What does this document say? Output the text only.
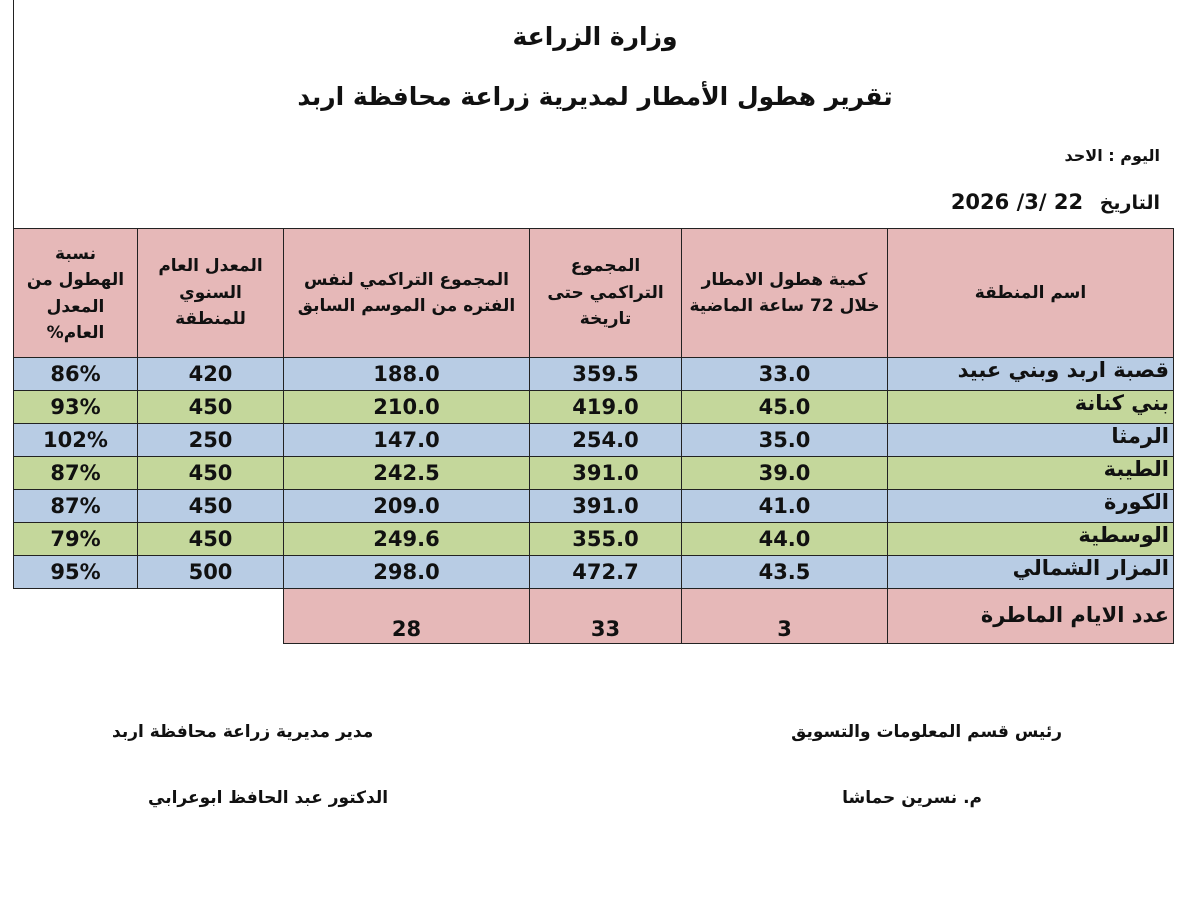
وزارة الزراعة
تقرير هطول الأمطار لمديرية زراعة محافظة اربد
اليوم : الاحد
التاريخ 2026 /3/ 22
نسبة الهطول من المعدل العام%	المعدل العام السنوي للمنطقة	المجموع التراكمي لنفس الفتره من الموسم السابق	المجموع التراكمي حتى تاريخة	كمية هطول الامطار خلال 72 ساعة الماضية	اسم المنطقة
86%	420	188.0	359.5	33.0	قصبة اربد وبني عبيد
93%	450	210.0	419.0	45.0	بني كنانة
102%	250	147.0	254.0	35.0	الرمثا
87%	450	242.5	391.0	39.0	الطيبة
87%	450	209.0	391.0	41.0	الكورة
79%	450	249.6	355.0	44.0	الوسطية
95%	500	298.0	472.7	43.5	المزار الشمالي
		28	33	3	عدد الايام الماطرة
رئيس قسم المعلومات والتسويق
م. نسرين حماشا
مدير مديرية زراعة محافظة اربد
الدكتور عبد الحافظ ابوعرابي
